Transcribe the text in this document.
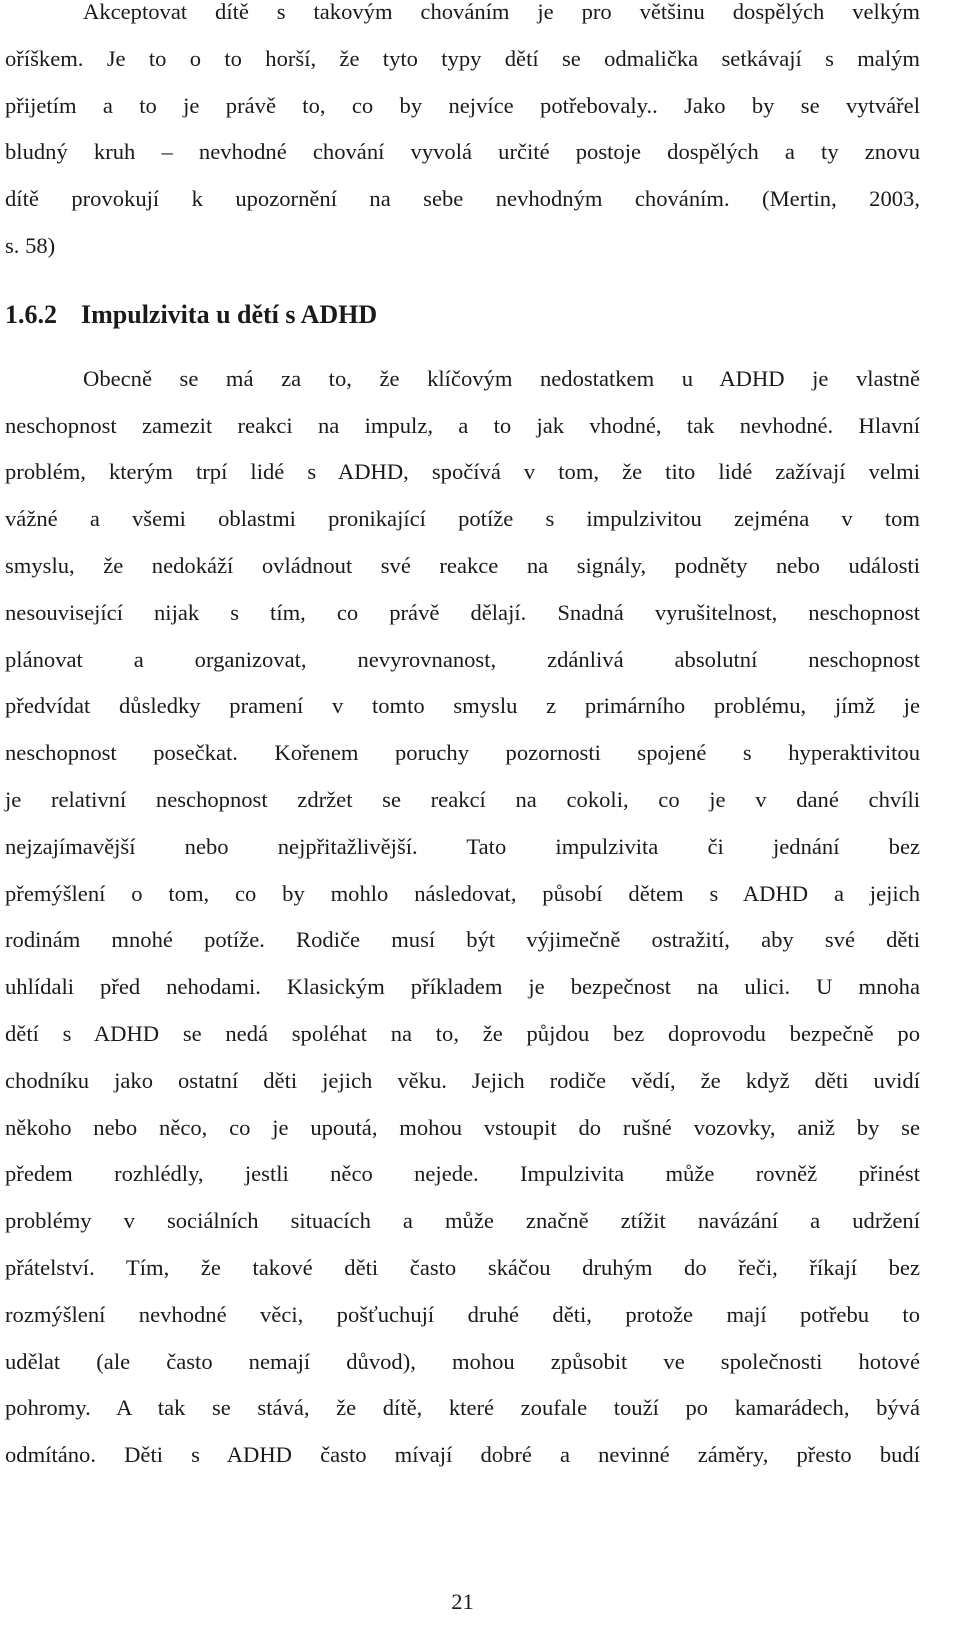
Akceptovat dítě s takovým chováním je pro většinu dospělých velkým
oříškem. Je to o to horší, že tyto typy dětí se odmalička setkávají s malým
přijetím a to je právě to, co by nejvíce potřebovaly.. Jako by se vytvářel
bludný kruh – nevhodné chování vyvolá určité postoje dospělých a ty znovu
dítě provokují k upozornění na sebe nevhodným chováním. (Mertin, 2003,
s. 58)
1.6.2 Impulzivita u dětí s ADHD
Obecně se má za to, že klíčovým nedostatkem u ADHD je vlastně
neschopnost zamezit reakci na impulz, a to jak vhodné, tak nevhodné. Hlavní
problém, kterým trpí lidé s ADHD, spočívá v tom, že tito lidé zažívají velmi
vážné a všemi oblastmi pronikající potíže s impulzivitou zejména v tom
smyslu, že nedokáží ovládnout své reakce na signály, podněty nebo události
nesouvisející nijak s tím, co právě dělají. Snadná vyrušitelnost, neschopnost
plánovat a organizovat, nevyrovnanost, zdánlivá absolutní neschopnost
předvídat důsledky pramení v tomto smyslu z primárního problému, jímž je
neschopnost posečkat. Kořenem poruchy pozornosti spojené s hyperaktivitou
je relativní neschopnost zdržet se reakcí na cokoli, co je v dané chvíli
nejzajímavější nebo nejpřitažlivější. Tato impulzivita či jednání bez
přemýšlení o tom, co by mohlo následovat, působí dětem s ADHD a jejich
rodinám mnohé potíže. Rodiče musí být výjimečně ostražití, aby své děti
uhlídali před nehodami. Klasickým příkladem je bezpečnost na ulici. U mnoha
dětí s ADHD se nedá spoléhat na to, že půjdou bez doprovodu bezpečně po
chodníku jako ostatní děti jejich věku. Jejich rodiče vědí, že když děti uvidí
někoho nebo něco, co je upoutá, mohou vstoupit do rušné vozovky, aniž by se
předem rozhlédly, jestli něco nejede. Impulzivita může rovněž přinést
problémy v sociálních situacích a může značně ztížit navázání a udržení
přátelství. Tím, že takové děti často skáčou druhým do řeči, říkají bez
rozmýšlení nevhodné věci, pošťuchují druhé děti, protože mají potřebu to
udělat (ale často nemají důvod), mohou způsobit ve společnosti hotové
pohromy. A tak se stává, že dítě, které zoufale touží po kamarádech, bývá
odmítáno. Děti s ADHD často mívají dobré a nevinné záměry, přesto budí
21
